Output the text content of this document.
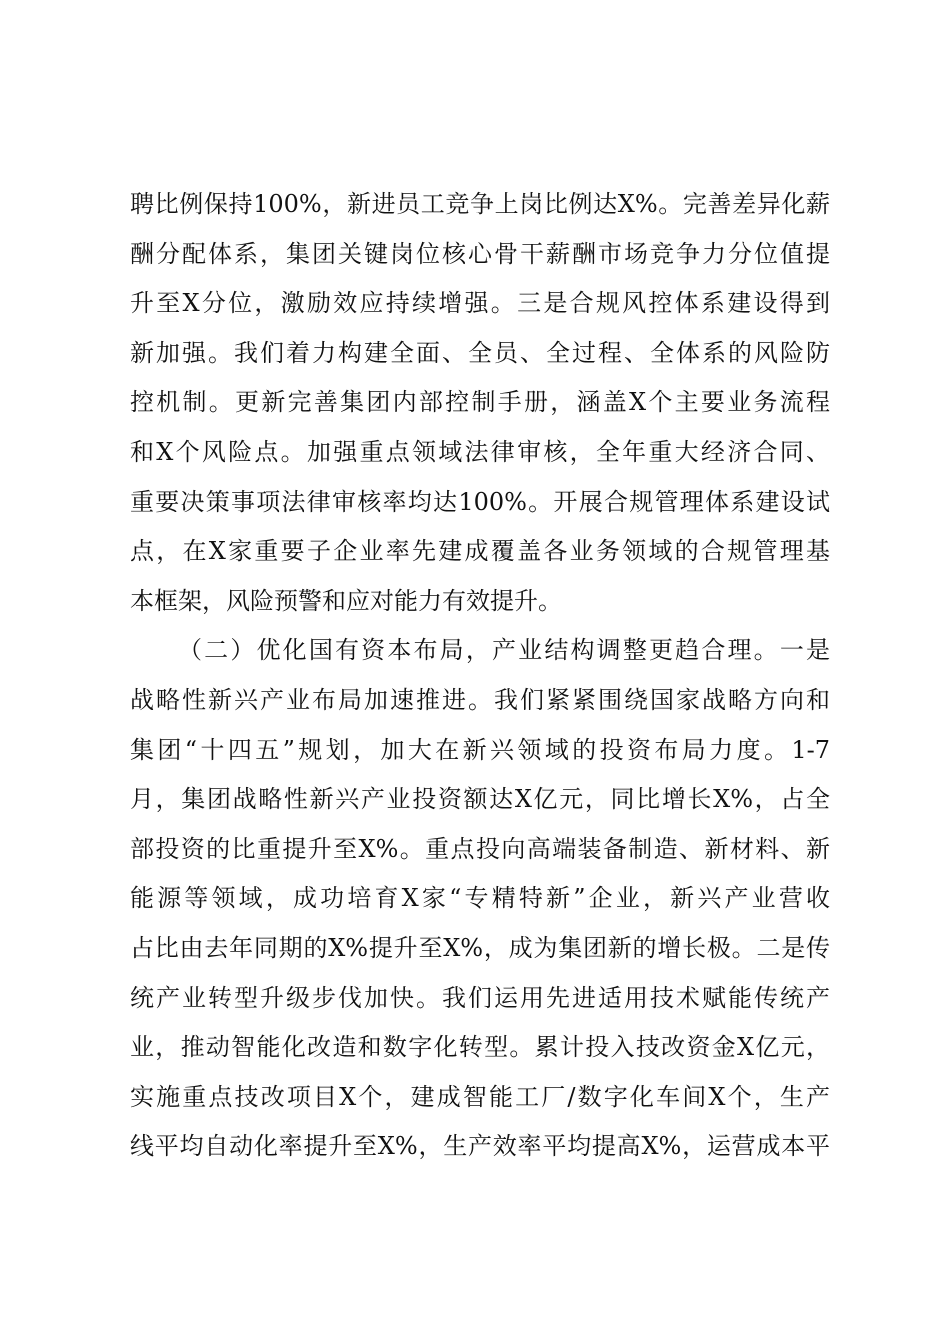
聘比例保持100%，新进员工竞争上岗比例达X%。完善差异化薪
酬分配体系，集团关键岗位核心骨干薪酬市场竞争力分位值提
升至X分位，激励效应持续增强。三是合规风控体系建设得到
新加强。我们着力构建全面、全员、全过程、全体系的风险防
控机制。更新完善集团内部控制手册，涵盖X个主要业务流程
和X个风险点。加强重点领域法律审核，全年重大经济合同、
重要决策事项法律审核率均达100%。开展合规管理体系建设试
点，在X家重要子企业率先建成覆盖各业务领域的合规管理基
本框架，风险预警和应对能力有效提升。
（二）优化国有资本布局，产业结构调整更趋合理。一是
战略性新兴产业布局加速推进。我们紧紧围绕国家战略方向和
集团“十四五”规划，加大在新兴领域的投资布局力度。1-7
月，集团战略性新兴产业投资额达X亿元，同比增长X%，占全
部投资的比重提升至X%。重点投向高端装备制造、新材料、新
能源等领域，成功培育X家“专精特新”企业，新兴产业营收
占比由去年同期的X%提升至X%，成为集团新的增长极。二是传
统产业转型升级步伐加快。我们运用先进适用技术赋能传统产
业，推动智能化改造和数字化转型。累计投入技改资金X亿元，
实施重点技改项目X个，建成智能工厂/数字化车间X个，生产
线平均自动化率提升至X%，生产效率平均提高X%，运营成本平
